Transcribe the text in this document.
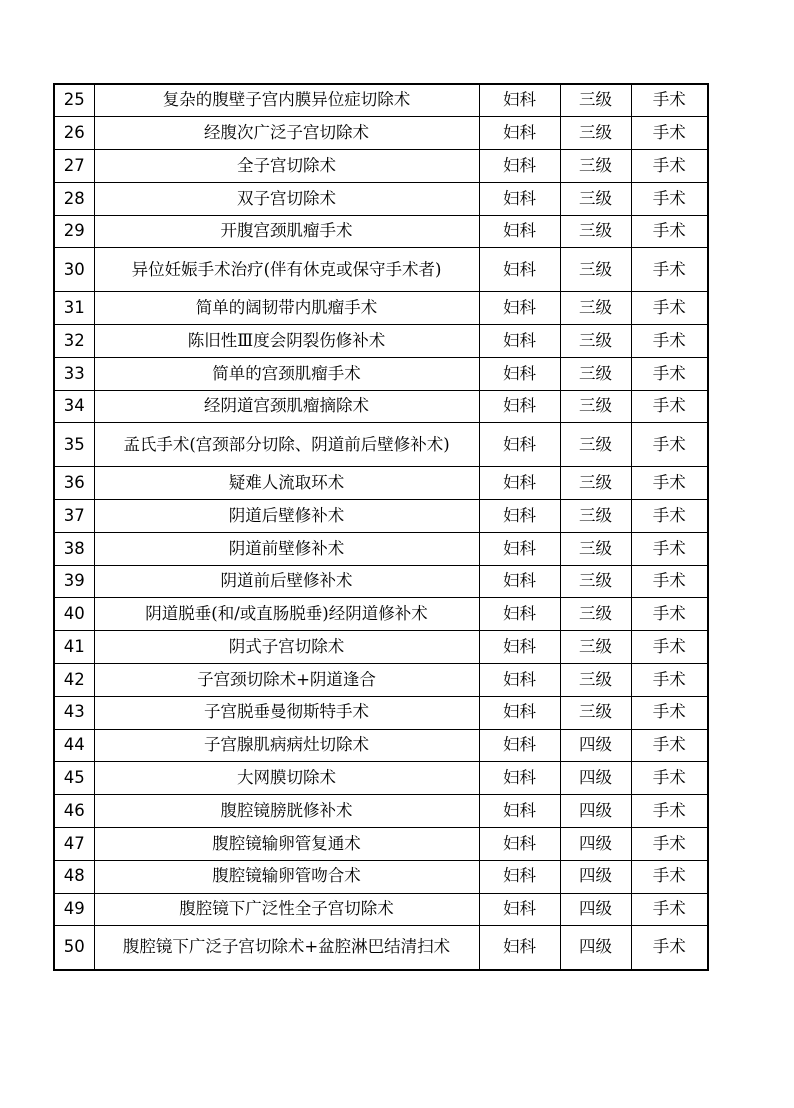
25	复杂的腹壁子宫内膜异位症切除术	妇科	三级	手术
26	经腹次广泛子宫切除术	妇科	三级	手术
27	全子宫切除术	妇科	三级	手术
28	双子宫切除术	妇科	三级	手术
29	开腹宫颈肌瘤手术	妇科	三级	手术
30	异位妊娠手术治疗(伴有休克或保守手术者)	妇科	三级	手术
31	简单的阔韧带内肌瘤手术	妇科	三级	手术
32	陈旧性Ⅲ度会阴裂伤修补术	妇科	三级	手术
33	简单的宫颈肌瘤手术	妇科	三级	手术
34	经阴道宫颈肌瘤摘除术	妇科	三级	手术
35	孟氏手术(宫颈部分切除、阴道前后壁修补术)	妇科	三级	手术
36	疑难人流取环术	妇科	三级	手术
37	阴道后壁修补术	妇科	三级	手术
38	阴道前壁修补术	妇科	三级	手术
39	阴道前后壁修补术	妇科	三级	手术
40	阴道脱垂(和/或直肠脱垂)经阴道修补术	妇科	三级	手术
41	阴式子宫切除术	妇科	三级	手术
42	子宫颈切除术+阴道逢合	妇科	三级	手术
43	子宫脱垂曼彻斯特手术	妇科	三级	手术
44	子宫腺肌病病灶切除术	妇科	四级	手术
45	大网膜切除术	妇科	四级	手术
46	腹腔镜膀胱修补术	妇科	四级	手术
47	腹腔镜输卵管复通术	妇科	四级	手术
48	腹腔镜输卵管吻合术	妇科	四级	手术
49	腹腔镜下广泛性全子宫切除术	妇科	四级	手术
50	腹腔镜下广泛子宫切除术+盆腔淋巴结清扫术	妇科	四级	手术
